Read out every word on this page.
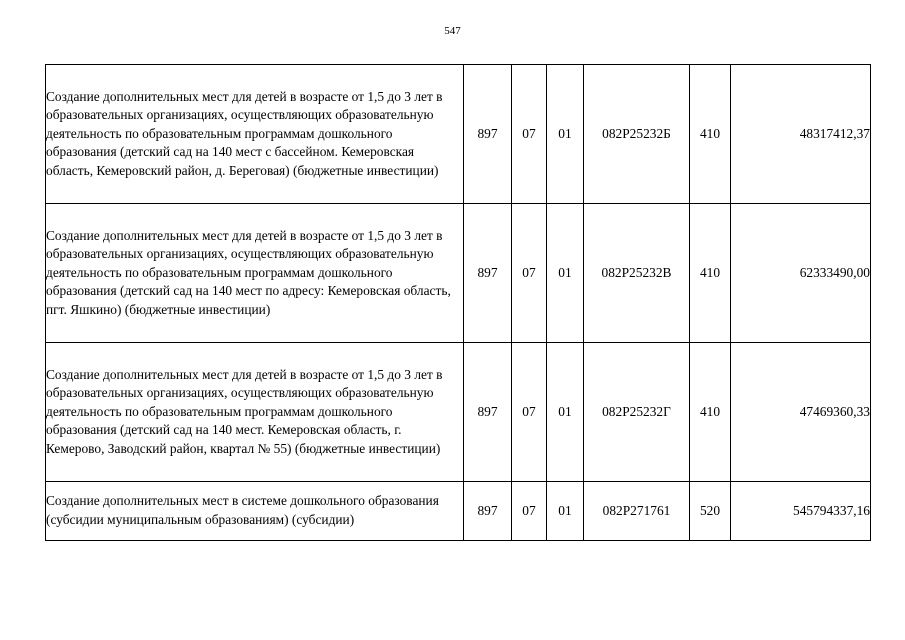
547
Создание дополнительных мест для детей в возрасте от 1,5 до 3 лет в образовательных организациях, осуществляющих образовательную деятельность по образовательным программам дошкольного образования (детский сад на 140 мест с бассейном. Кемеровская область, Кемеровский район, д. Береговая) (бюджетные инвестиции)	897	07	01	082P25232Б	410	48317412,37
Создание дополнительных мест для детей в возрасте от 1,5 до 3 лет в образовательных организациях, осуществляющих образовательную деятельность по образовательным программам дошкольного образования (детский сад на 140 мест по адресу: Кемеровская область, пгт. Яшкино) (бюджетные инвестиции)	897	07	01	082P25232В	410	62333490,00
Создание дополнительных мест для детей в возрасте от 1,5 до 3 лет в образовательных организациях, осуществляющих образовательную деятельность по образовательным программам дошкольного образования (детский сад на 140 мест. Кемеровская область, г. Кемерово, Заводский район, квартал № 55) (бюджетные инвестиции)	897	07	01	082P25232Г	410	47469360,33
Создание дополнительных мест в системе дошкольного образования (субсидии муниципальным образованиям) (субсидии)	897	07	01	082P271761	520	545794337,16
